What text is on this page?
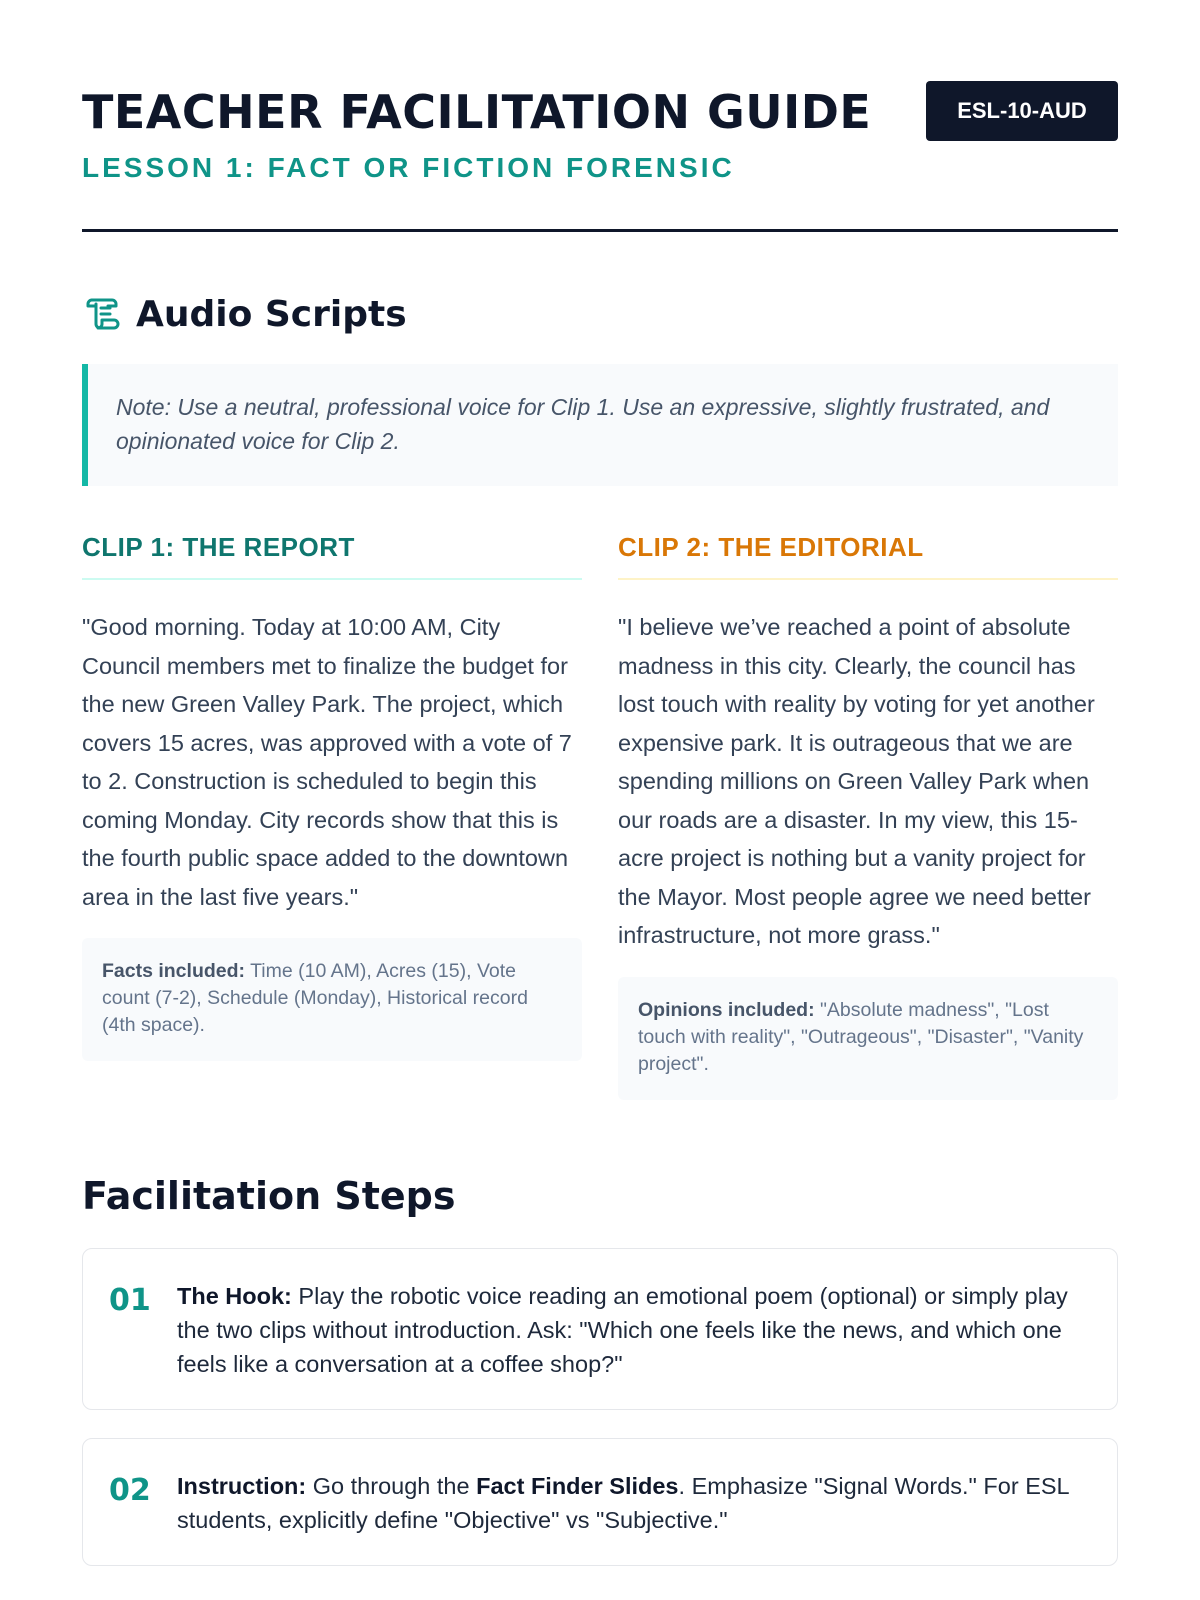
TEACHER FACILITATION GUIDE	ESL-10-AUD
LESSON 1: FACT OR FICTION FORENSIC
Audio Scripts
Note: Use a neutral, professional voice for Clip 1. Use an expressive, slightly frustrated, and opinionated voice for Clip 2.
CLIP 1: THE REPORT

"Good morning. Today at 10:00 AM, City Council members met to finalize the budget for the new Green Valley Park. The project, which covers 15 acres, was approved with a vote of 7 to 2. Construction is scheduled to begin this coming Monday. City records show that this is the fourth public space added to the downtown area in the last five years."

Facts included: Time (10 AM), Acres (15), Vote count (7-2), Schedule (Monday), Historical record (4th space).
CLIP 2: THE EDITORIAL

"I believe we’ve reached a point of absolute madness in this city. Clearly, the council has lost touch with reality by voting for yet another expensive park. It is outrageous that we are spending millions on Green Valley Park when our roads are a disaster. In my view, this 15-acre project is nothing but a vanity project for the Mayor. Most people agree we need better infrastructure, not more grass."

Opinions included: "Absolute madness", "Lost touch with reality", "Outrageous", "Disaster", "Vanity project".
Facilitation Steps
01	The Hook: Play the robotic voice reading an emotional poem (optional) or simply play the two clips without introduction. Ask: "Which one feels like the news, and which one feels like a conversation at a coffee shop?"

02	Instruction: Go through the Fact Finder Slides. Emphasize "Signal Words." For ESL students, explicitly define "Objective" vs "Subjective."
